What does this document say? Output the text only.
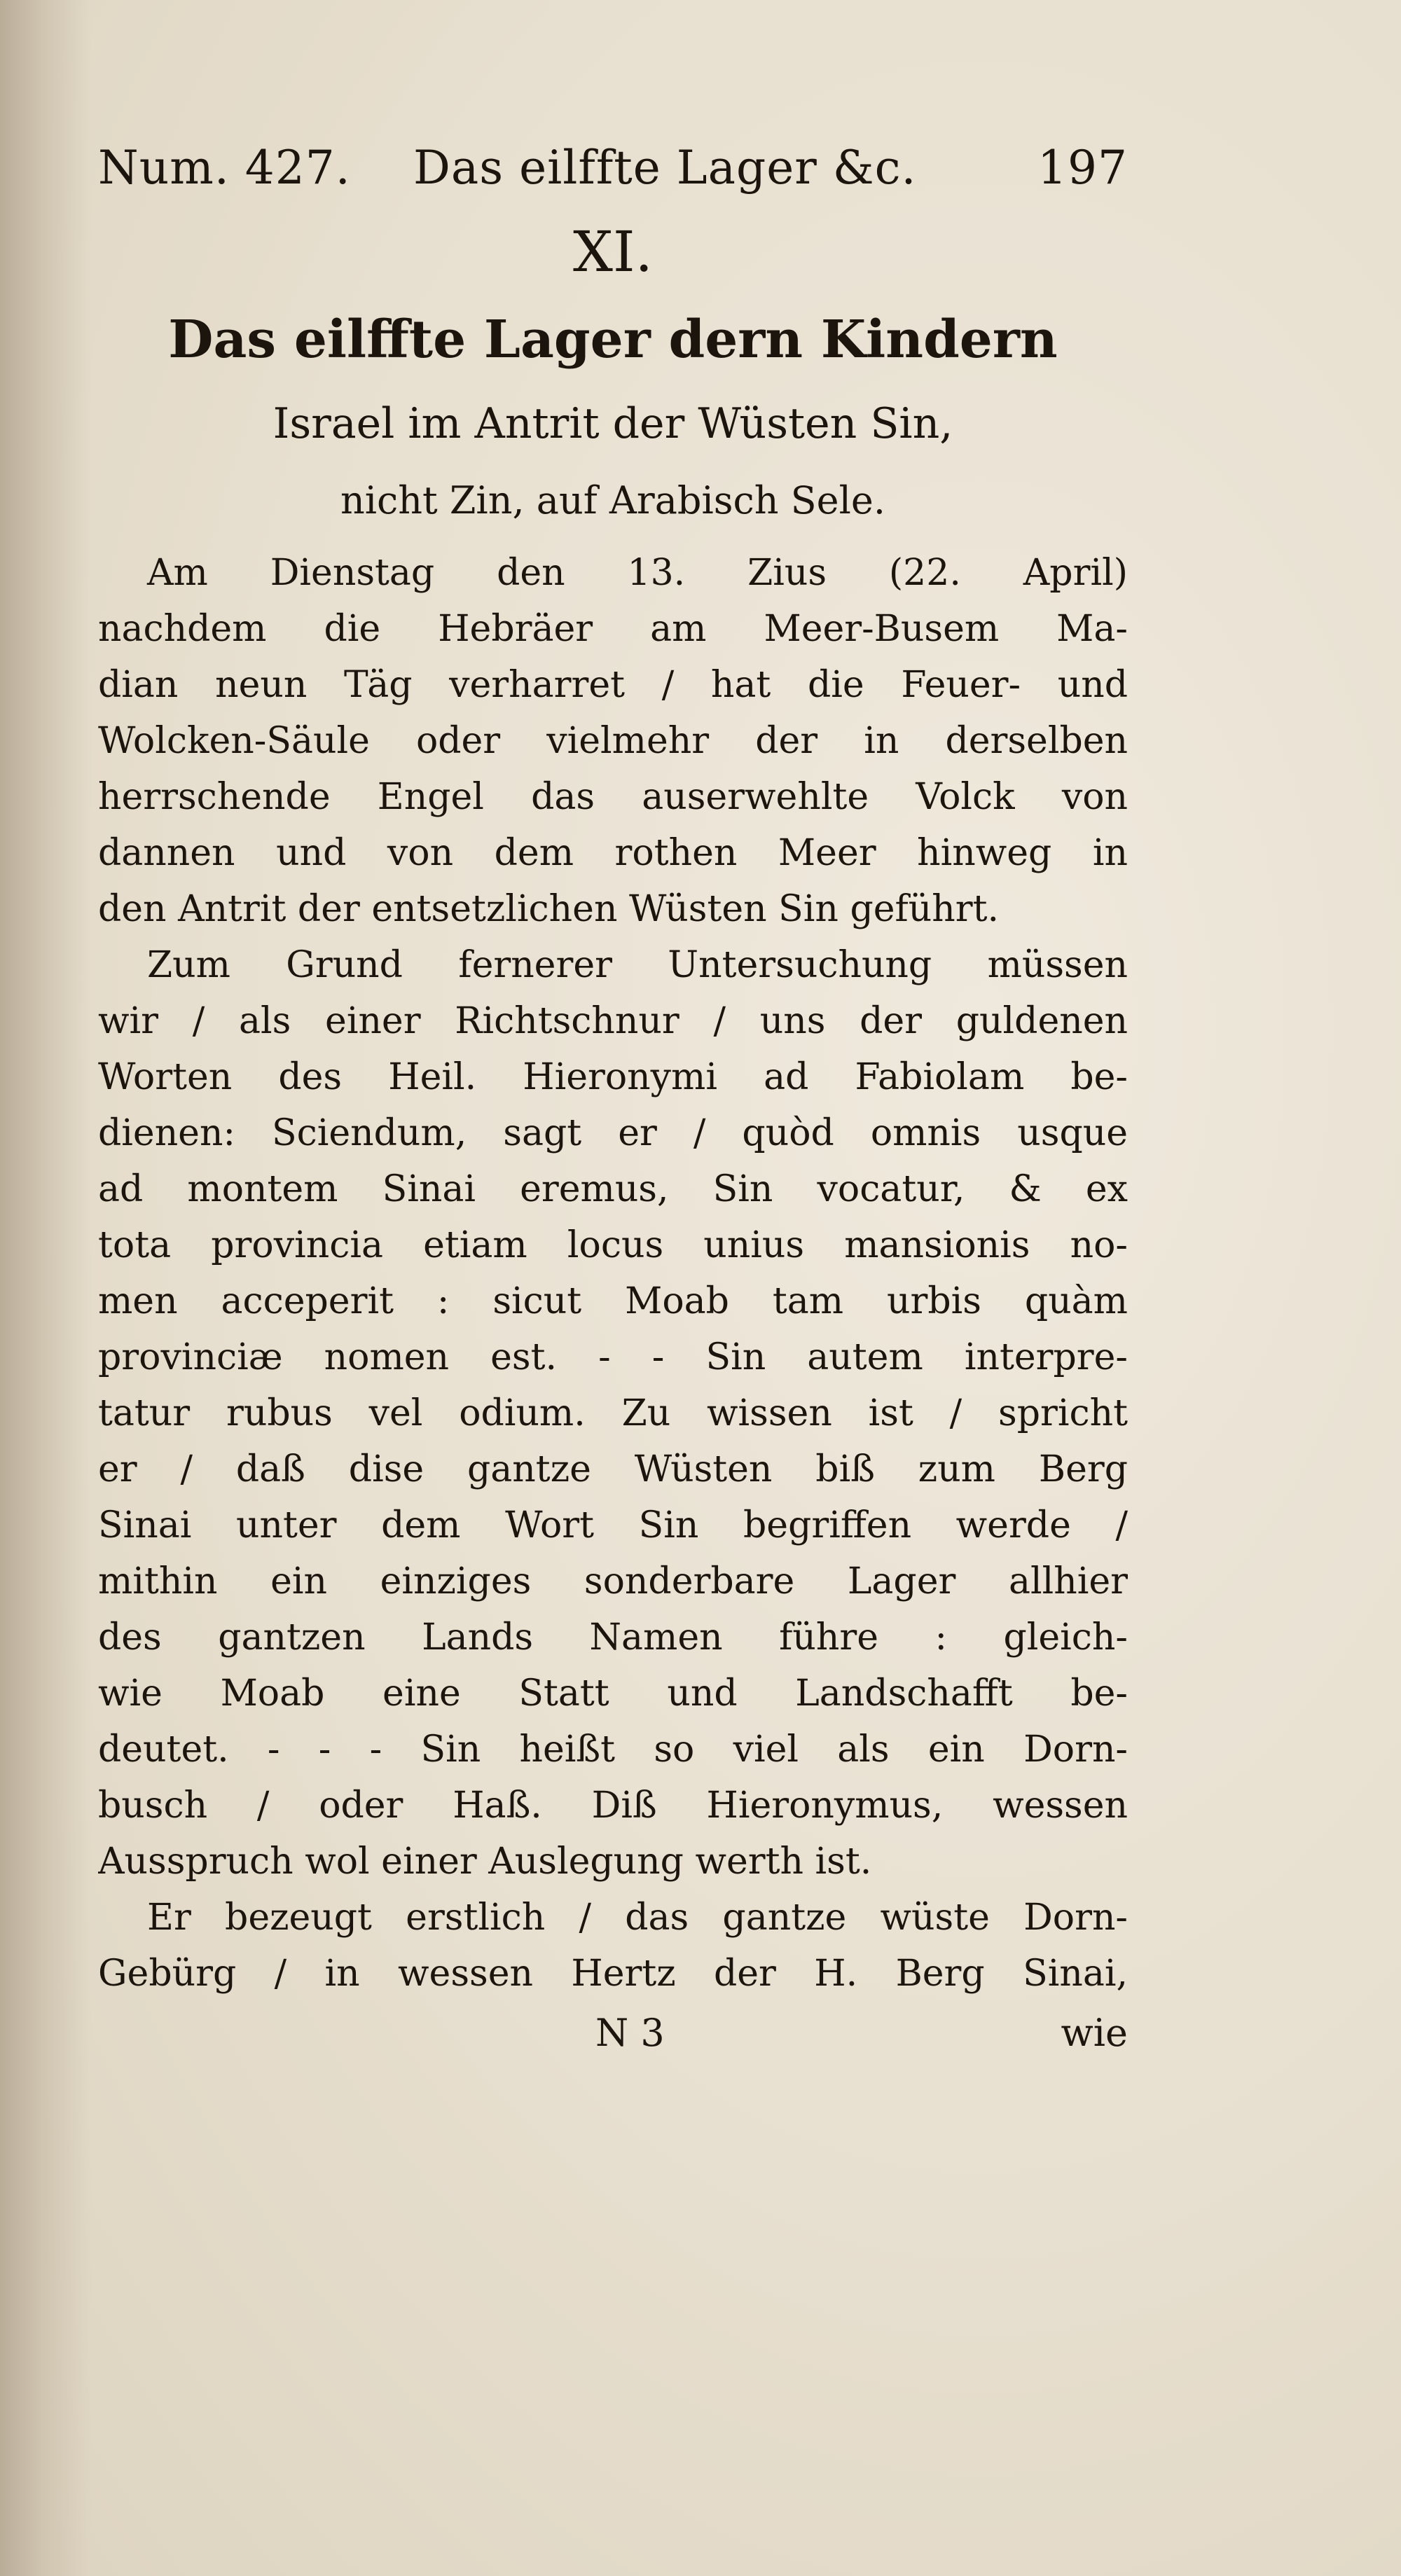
Num. 427. Das eilffte Lager &c.	197
XI.
Das eilffte Lager dern Kindern
Israel im Antrit der Wüsten Sin,
nicht Zin, auf Arabisch Sele.
Am Dienstag den 13. Zius (22. April)
nachdem die Hebräer am Meer-Busem Ma-
dian neun Täg verharret / hat die Feuer- und
Wolcken-Säule oder vielmehr der in derselben
herrschende Engel das auserwehlte Volck von
dannen und von dem rothen Meer hinweg in
den Antrit der entsetzlichen Wüsten Sin geführt.
Zum Grund fernerer Untersuchung müssen
wir / als einer Richtschnur / uns der guldenen
Worten des Heil. Hieronymi ad Fabiolam be-
dienen: Sciendum, sagt er / quòd omnis usque
ad montem Sinai eremus, Sin vocatur, & ex
tota provincia etiam locus unius mansionis no-
men acceperit : sicut Moab tam urbis quàm
provinciæ nomen est. - - Sin autem interpre-
tatur rubus vel odium. Zu wissen ist / spricht
er / daß dise gantze Wüsten biß zum Berg
Sinai unter dem Wort Sin begriffen werde /
mithin ein einziges sonderbare Lager allhier
des gantzen Lands Namen führe : gleich-
wie Moab eine Statt und Landschafft be-
deutet. - - - Sin heißt so viel als ein Dorn-
busch / oder Haß. Diß Hieronymus, wessen
Ausspruch wol einer Auslegung werth ist.
Er bezeugt erstlich / das gantze wüste Dorn-
Gebürg / in wessen Hertz der H. Berg Sinai,
N 3	wie
